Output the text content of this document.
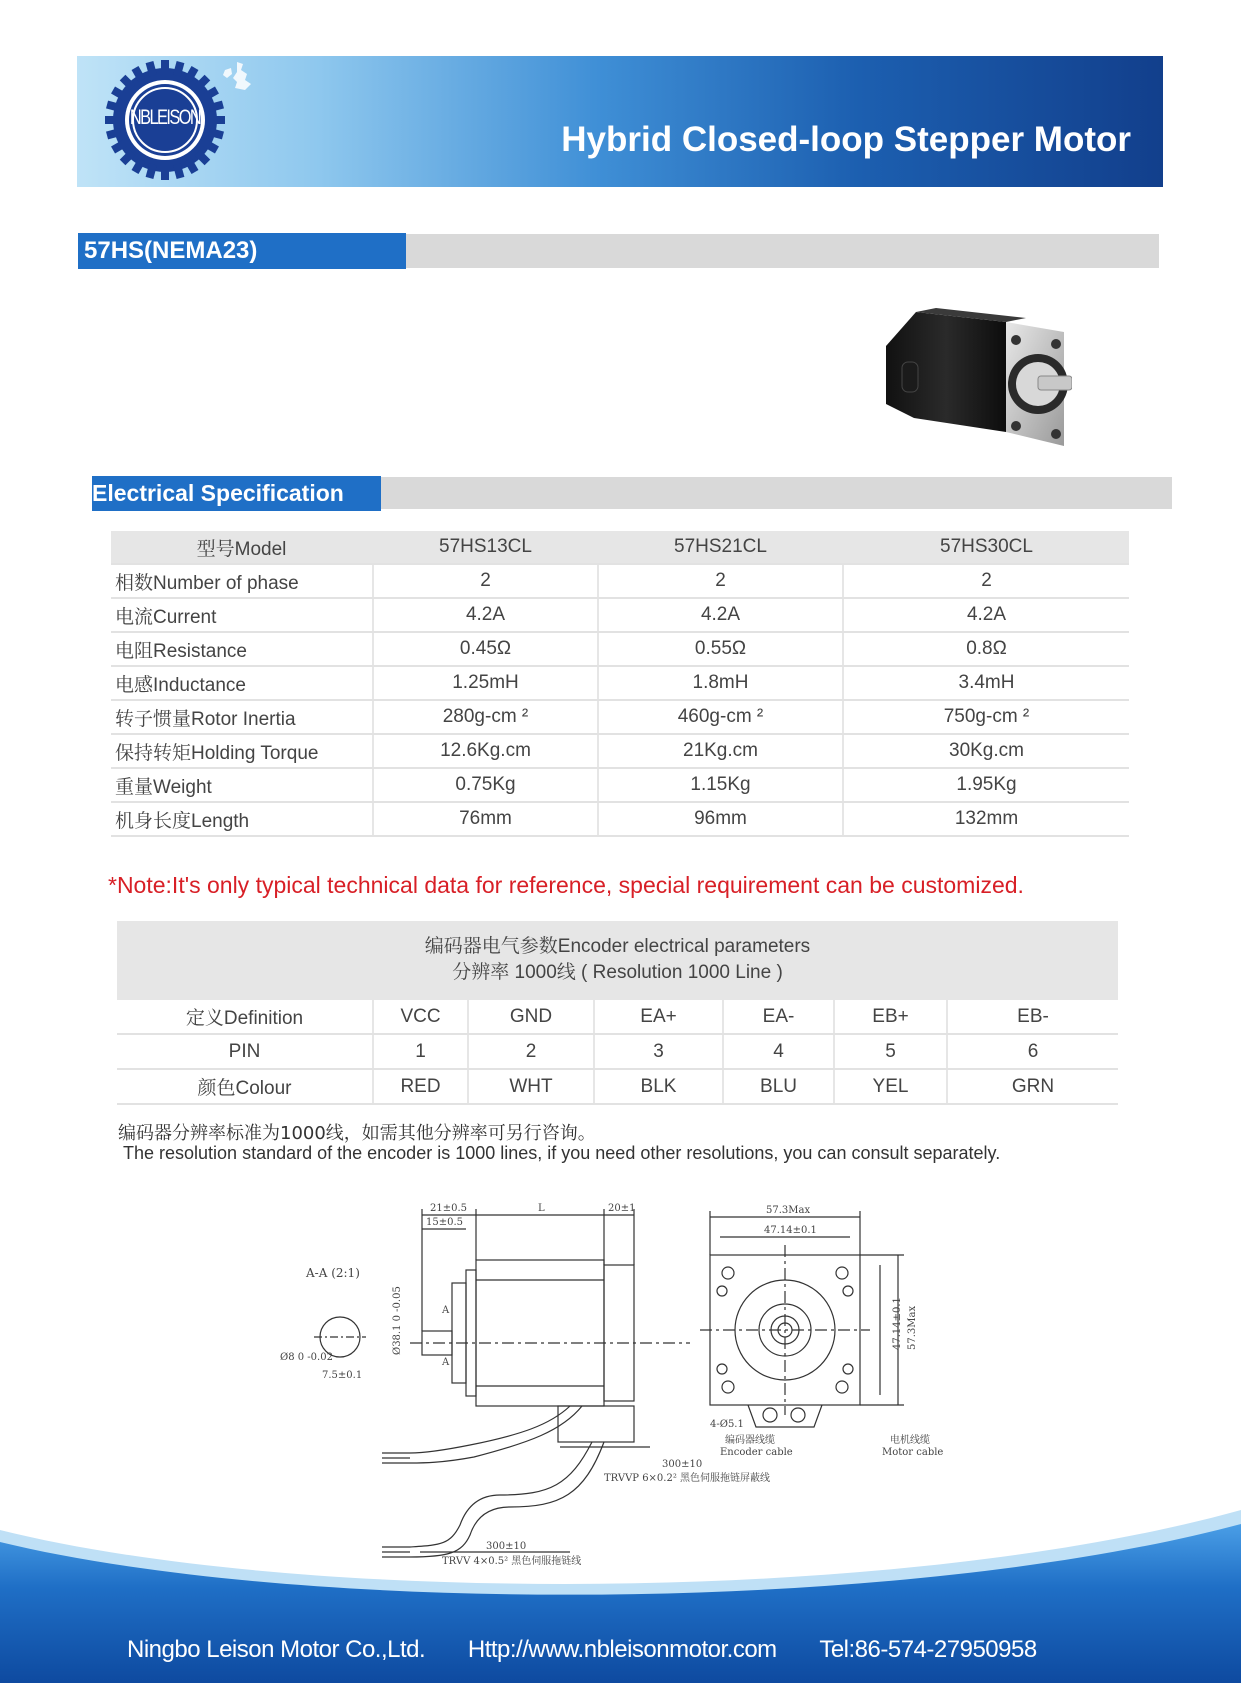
NBLEISON
Hybrid Closed-loop Stepper Motor
57HS(NEMA23)
Electrical Specification
型号Model	57HS13CL	57HS21CL	57HS30CL
相数Number of phase	2	2	2
电流Current	4.2A	4.2A	4.2A
电阻Resistance	0.45Ω	0.55Ω	0.8Ω
电感Inductance	1.25mH	1.8mH	3.4mH
转子惯量Rotor Inertia	280g-cm ²	460g-cm ²	750g-cm ²
保持转矩Holding Torque	12.6Kg.cm	21Kg.cm	30Kg.cm
重量Weight	0.75Kg	1.15Kg	1.95Kg
机身长度Length	76mm	96mm	132mm
*Note:It's only typical technical data for reference, special requirement can be customized.
编码器电气参数Encoder electrical parameters
分辨率 1000线 ( Resolution 1000 Line )
定义Definition	VCC	GND	EA+	EA-	EB+	EB-
PIN	1	2	3	4	5	6
颜色Colour	RED	WHT	BLK	BLU	YEL	GRN
编码器分辨率标准为1000线，如需其他分辨率可另行咨询。
The resolution standard of the encoder is 1000 lines, if you need other resolutions, you can consult separately.
A-A (2:1)
21±0.5
15±0.5
L	20±1
Ø8 0 -0.02
7.5±0.1
Ø38.1 0 -0.05	A
A
57.3Max
47.14±0.1
47.14±0.1 57.3Max
4-Ø5.1
编码器线缆
Encoder cable
电机线缆
Motor cable
300±10
TRVVP 6×0.2² 黑色伺服拖链屏蔽线
300±10
TRVV 4×0.5² 黑色伺服拖链线
Ningbo Leison Motor Co.,Ltd. Http://www.nbleisonmotor.com Tel:86-574-27950958
